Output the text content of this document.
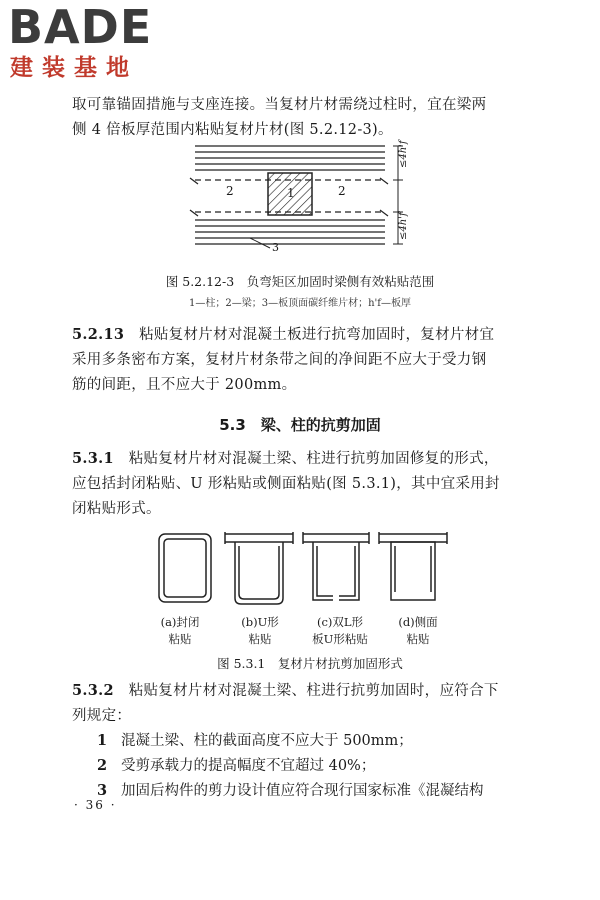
BADE
建装基地
取可靠锚固措施与支座连接。当复材片材需绕过柱时，宜在梁两
侧 4 倍板厚范围内粘贴复材片材(图 5.2.12-3)。
2	1	2
3
≤4h'f
≤4h'f
图 5.2.12-3　负弯矩区加固时梁侧有效粘贴范围
1—柱；2—梁；3—板顶面碳纤维片材；h'f—板厚
5.2.13　 粘贴复材片材对混凝土板进行抗弯加固时，复材片材宜
采用多条密布方案，复材片材条带之间的净间距不应大于受力钢
筋的间距，且不应大于 200mm。
5.3　梁、柱的抗剪加固
5.3.1　 粘贴复材片材对混凝土梁、柱进行抗剪加固修复的形式，
应包括封闭粘贴、U 形粘贴或侧面粘贴(图 5.3.1)，其中宜采用封
闭粘贴形式。
(a)封闭
粘贴
(b)U形
粘贴
(c)双L形
板U形粘贴
(d)侧面
粘贴
图 5.3.1　复材片材抗剪加固形式
5.3.2　 粘贴复材片材对混凝土梁、柱进行抗剪加固时，应符合下
列规定：
1 混凝土梁、柱的截面高度不应大于 500mm；
2 受剪承载力的提高幅度不宜超过 40%；
3 加固后构件的剪力设计值应符合现行国家标准《混凝结构
· 36 ·
